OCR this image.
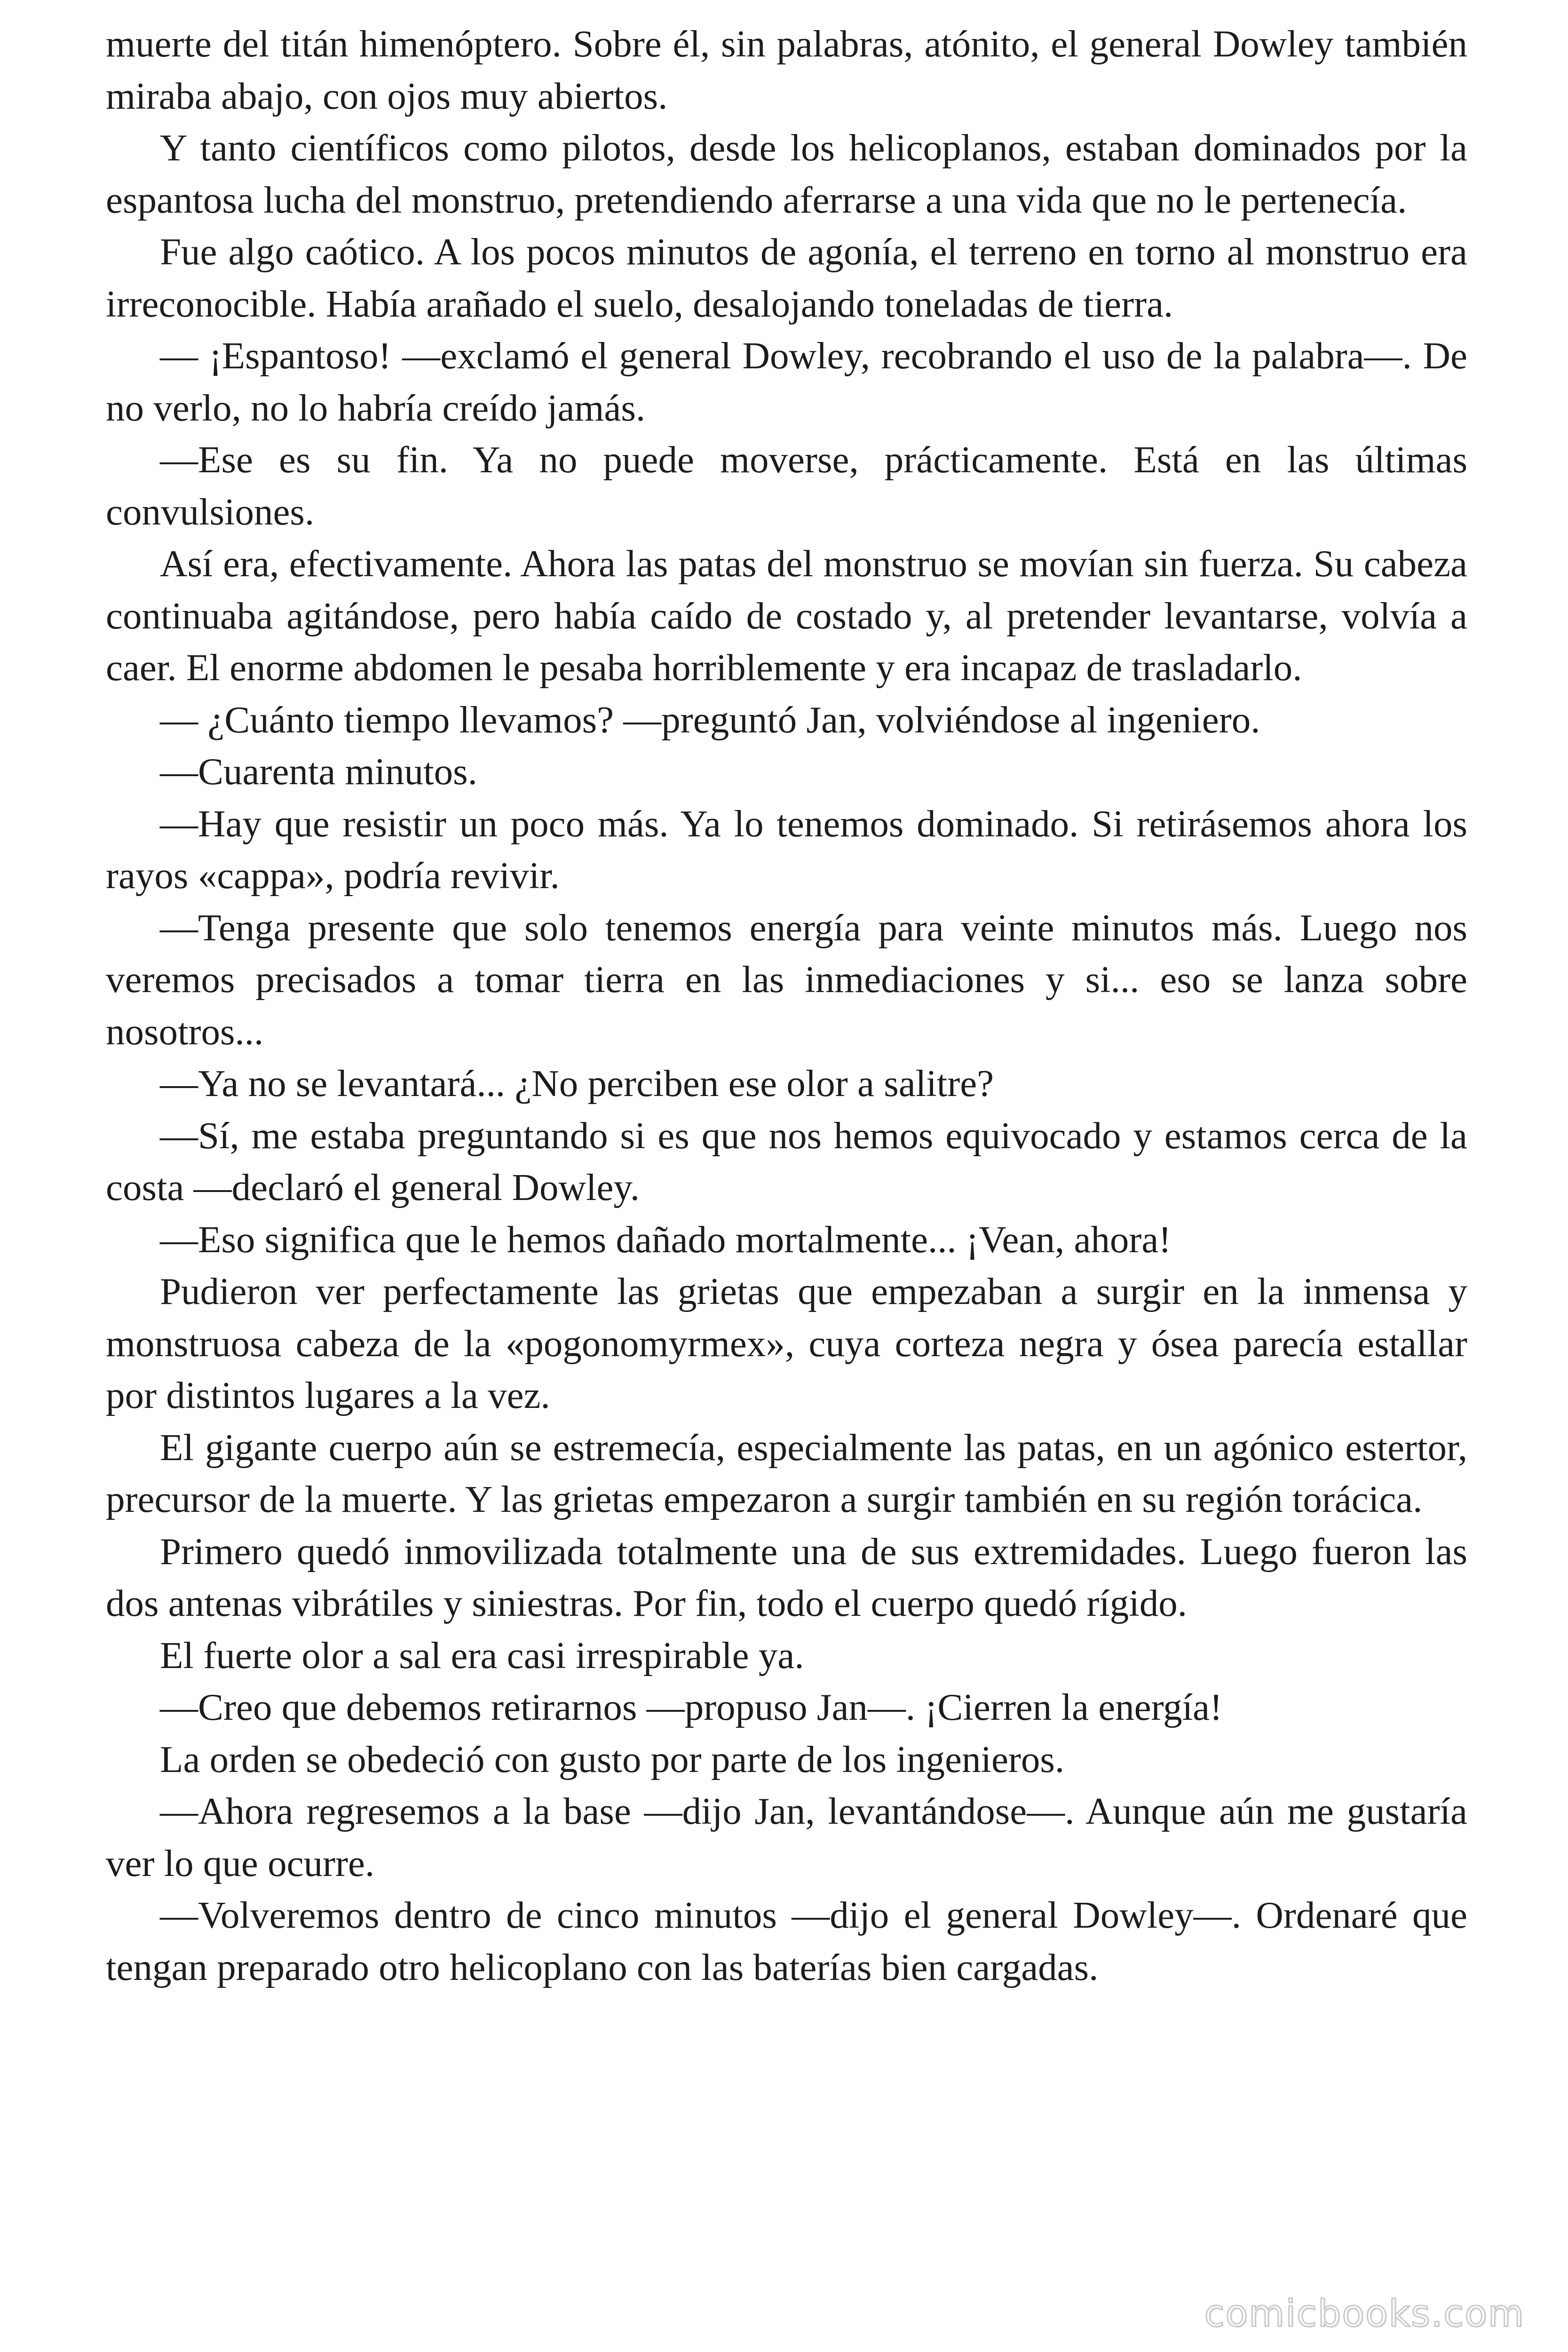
muerte del titán himenóptero. Sobre él, sin palabras, atónito, el general Dowley también miraba abajo, con ojos muy abiertos.

Y tanto científicos como pilotos, desde los helicoplanos, estaban dominados por la espantosa lucha del monstruo, pretendiendo aferrarse a una vida que no le pertenecía.

Fue algo caótico. A los pocos minutos de agonía, el terreno en torno al monstruo era irreconocible. Había arañado el suelo, desalojando toneladas de tierra.

— ¡Espantoso! —exclamó el general Dowley, recobrando el uso de la palabra—. De no verlo, no lo habría creído jamás.

—Ese es su fin. Ya no puede moverse, prácticamente. Está en las últimas convulsiones.

Así era, efectivamente. Ahora las patas del monstruo se movían sin fuerza. Su cabeza continuaba agitándose, pero había caído de costado y, al pretender levantarse, volvía a caer. El enorme abdomen le pesaba horriblemente y era incapaz de trasladarlo.

— ¿Cuánto tiempo llevamos? —preguntó Jan, volviéndose al ingeniero.

—Cuarenta minutos.

—Hay que resistir un poco más. Ya lo tenemos dominado. Si retirásemos ahora los rayos «cappa», podría revivir.

—Tenga presente que solo tenemos energía para veinte minutos más. Luego nos veremos precisados a tomar tierra en las inmediaciones y si... eso se lanza sobre nosotros...

—Ya no se levantará... ¿No perciben ese olor a salitre?

—Sí, me estaba preguntando si es que nos hemos equivocado y estamos cerca de la costa —declaró el general Dowley.

—Eso significa que le hemos dañado mortalmente... ¡Vean, ahora!

Pudieron ver perfectamente las grietas que empezaban a surgir en la inmensa y monstruosa cabeza de la «pogonomyrmex», cuya corteza negra y ósea parecía estallar por distintos lugares a la vez.

El gigante cuerpo aún se estremecía, especialmente las patas, en un agónico estertor, precursor de la muerte. Y las grietas empezaron a surgir también en su región torácica.

Primero quedó inmovilizada totalmente una de sus extremidades. Luego fueron las dos antenas vibrátiles y siniestras. Por fin, todo el cuerpo quedó rígido.

El fuerte olor a sal era casi irrespirable ya.

—Creo que debemos retirarnos —propuso Jan—. ¡Cierren la energía!

La orden se obedeció con gusto por parte de los ingenieros.

—Ahora regresemos a la base —dijo Jan, levantándose—. Aunque aún me gustaría ver lo que ocurre.

—Volveremos dentro de cinco minutos —dijo el general Dowley—. Ordenaré que tengan preparado otro helicoplano con las baterías bien cargadas.

comicbooks.com
